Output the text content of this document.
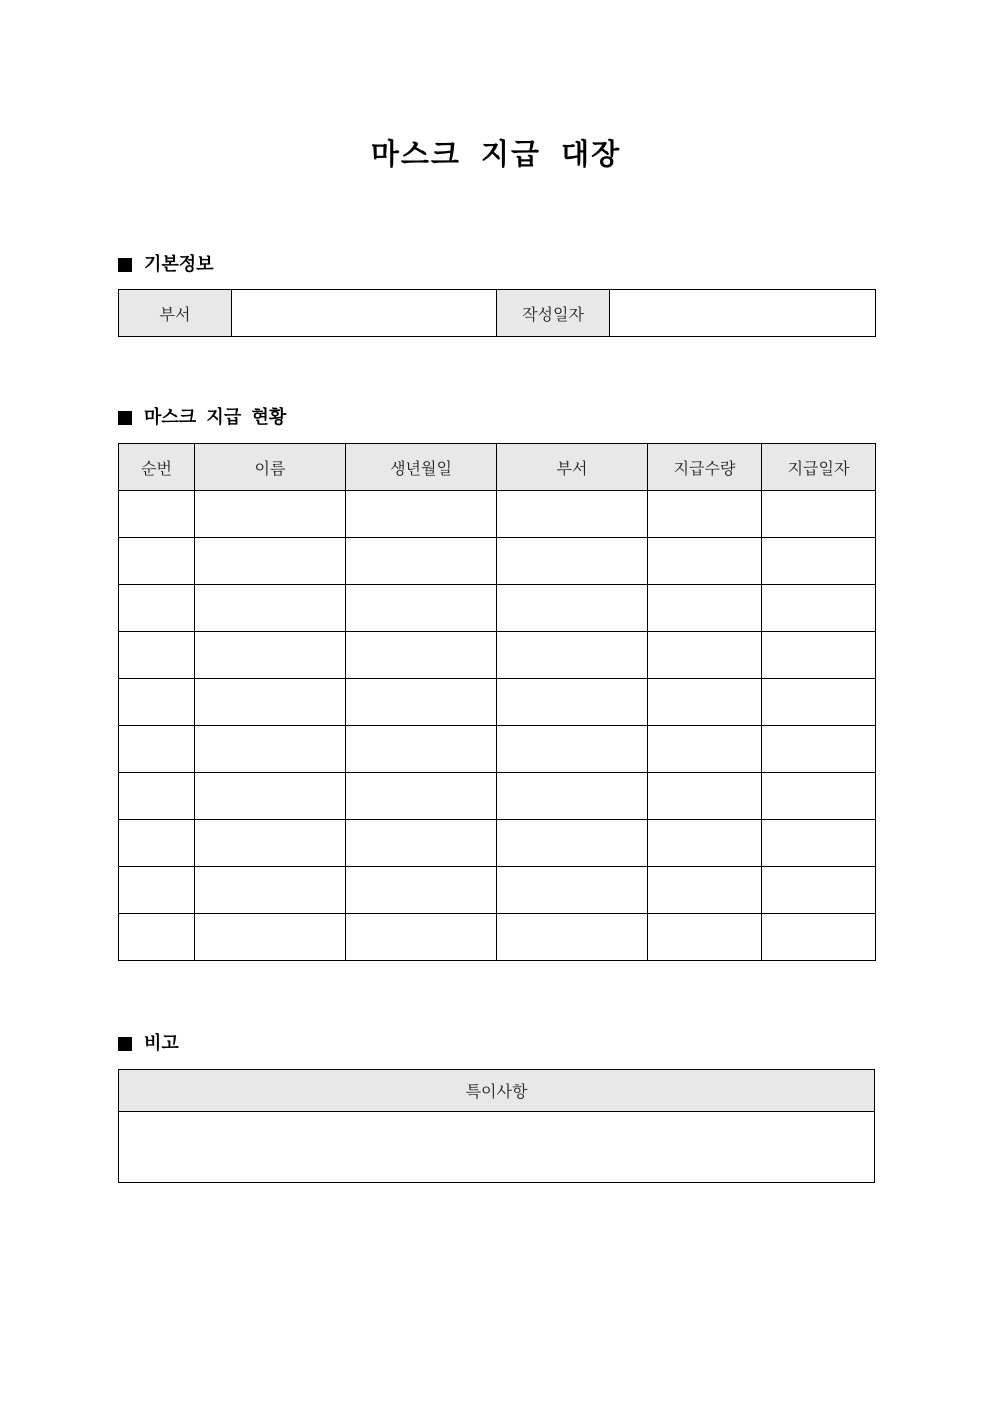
마스크 지급 대장
기본정보
부서		작성일자	
마스크 지급 현황
순번	이름	생년월일	부서	지급수량	지급일자

비고
특이사항
